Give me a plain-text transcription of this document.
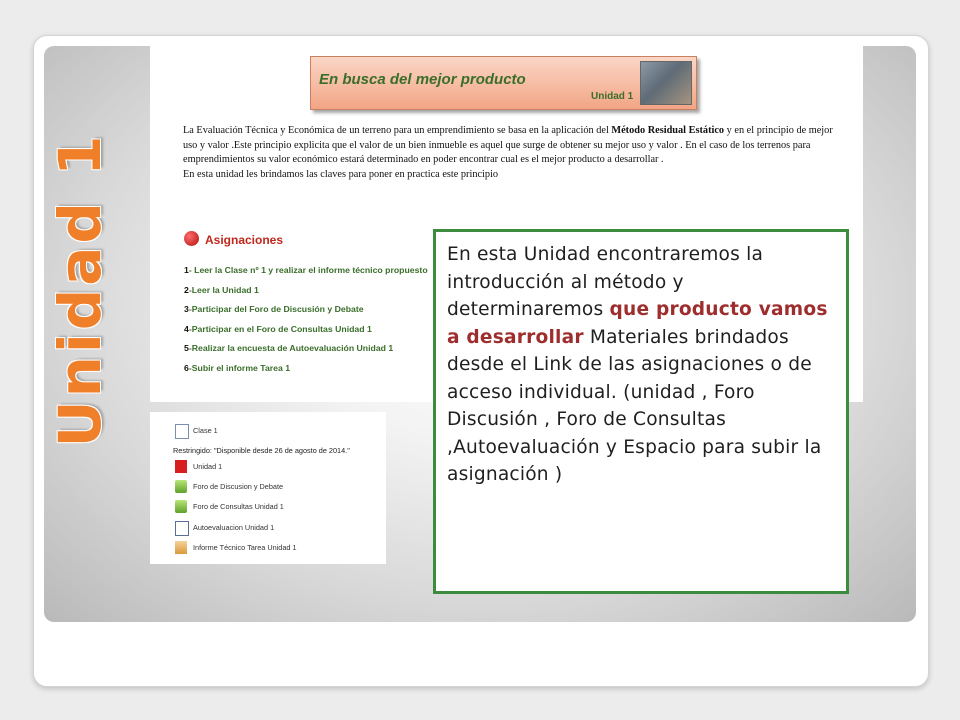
Unidad 1
En busca del mejor producto
Unidad 1
La Evaluación Técnica y Económica de un terreno para un emprendimiento se basa en la aplicación del Método Residual Estático y en el principio de mejor uso y valor .Este principio explicita que el valor de un bien inmueble es aquel que surge de obtener su mejor uso y valor . En el caso de los terrenos para emprendimientos su valor económico estará determinado en poder encontrar cual es el mejor producto a desarrollar .
En esta unidad les brindamos las claves para poner en practica este principio
Asignaciones
1- Leer la Clase nº 1 y realizar el informe técnico propuesto
2-Leer la Unidad 1
3-Participar del Foro de Discusión y Debate
4-Participar en el Foro de Consultas Unidad 1
5-Realizar la encuesta de Autoevaluación Unidad 1
6-Subir el informe Tarea 1
Clase 1
Restringido: "Disponible desde 26 de agosto de 2014."
Unidad 1
Foro de Discusion y Debate
Foro de Consultas Unidad 1
Autoevaluacion Unidad 1
Informe Técnico Tarea Unidad 1
En esta Unidad encontraremos la introducción al método y determinaremos que producto vamos a desarrollar Materiales brindados desde el Link de las asignaciones o de acceso individual. (unidad , Foro Discusión , Foro de Consultas ,Autoevaluación y Espacio para subir la asignación )
